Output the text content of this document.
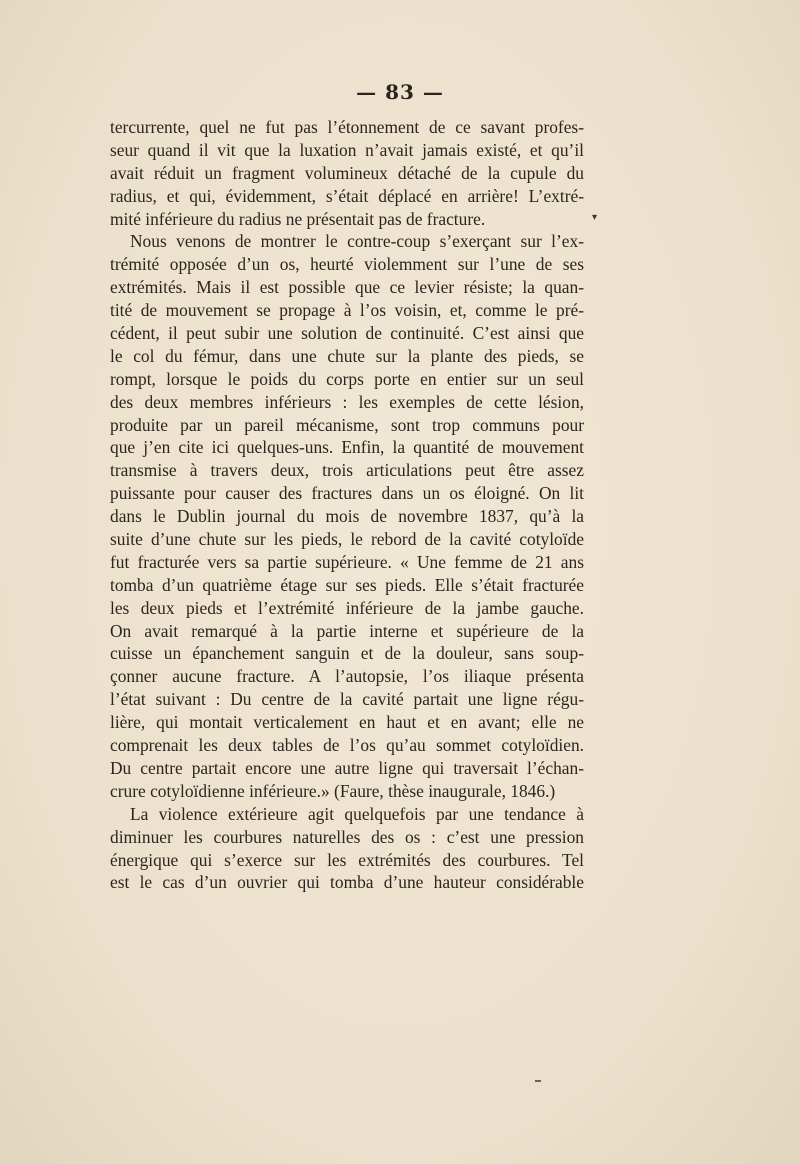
— 83 —
tercurrente, quel ne fut pas l’étonnement de ce savant profes-
seur quand il vit que la luxation n’avait jamais existé, et qu’il
avait réduit un fragment volumineux détaché de la cupule du
radius, et qui, évidemment, s’était déplacé en arrière! L’extré-
mité inférieure du radius ne présentait pas de fracture.
Nous venons de montrer le contre-coup s’exerçant sur l’ex-
trémité opposée d’un os, heurté violemment sur l’une de ses
extrémités. Mais il est possible que ce levier résiste; la quan-
tité de mouvement se propage à l’os voisin, et, comme le pré-
cédent, il peut subir une solution de continuité. C’est ainsi que
le col du fémur, dans une chute sur la plante des pieds, se
rompt, lorsque le poids du corps porte en entier sur un seul
des deux membres inférieurs : les exemples de cette lésion,
produite par un pareil mécanisme, sont trop communs pour
que j’en cite ici quelques-uns. Enfin, la quantité de mouvement
transmise à travers deux, trois articulations peut être assez
puissante pour causer des fractures dans un os éloigné. On lit
dans le Dublin journal du mois de novembre 1837, qu’à la
suite d’une chute sur les pieds, le rebord de la cavité cotyloïde
fut fracturée vers sa partie supérieure. « Une femme de 21 ans
tomba d’un quatrième étage sur ses pieds. Elle s’était fracturée
les deux pieds et l’extrémité inférieure de la jambe gauche.
On avait remarqué à la partie interne et supérieure de la
cuisse un épanchement sanguin et de la douleur, sans soup-
çonner aucune fracture. A l’autopsie, l’os iliaque présenta
l’état suivant : Du centre de la cavité partait une ligne régu-
lière, qui montait verticalement en haut et en avant; elle ne
comprenait les deux tables de l’os qu’au sommet cotyloïdien.
Du centre partait encore une autre ligne qui traversait l’échan-
crure cotyloïdienne inférieure.» (Faure, thèse inaugurale, 1846.)
La violence extérieure agit quelquefois par une tendance à
diminuer les courbures naturelles des os : c’est une pression
énergique qui s’exerce sur les extrémités des courbures. Tel
est le cas d’un ouvrier qui tomba d’une hauteur considérable
▾
